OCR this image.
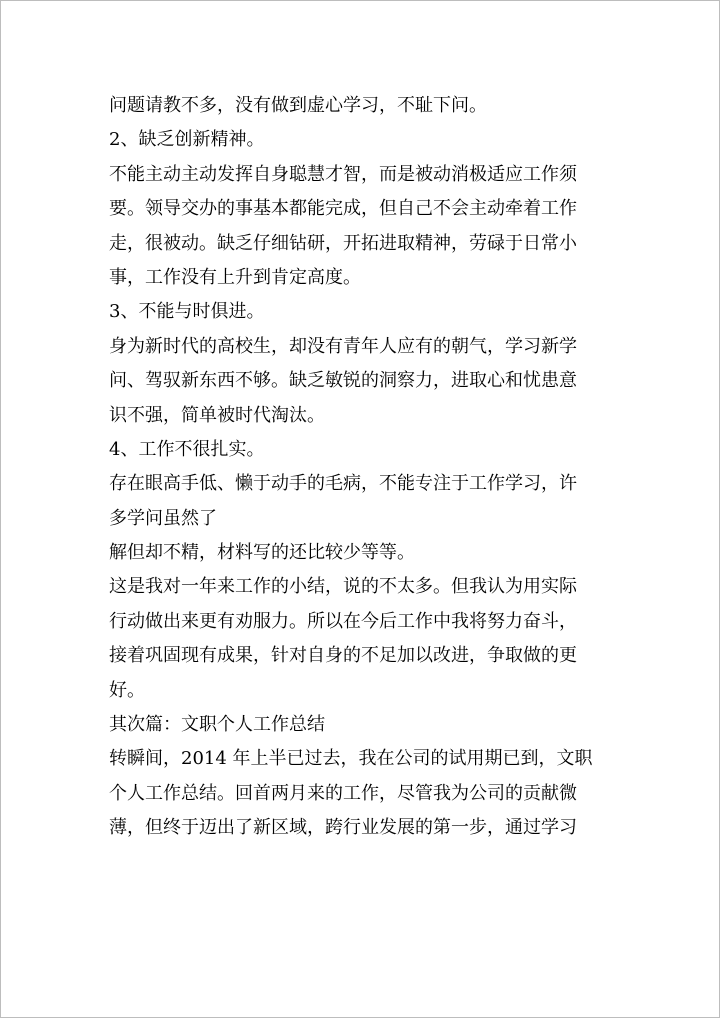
问题请教不多，没有做到虚心学习，不耻下问。
2、缺乏创新精神。
不能主动主动发挥自身聪慧才智，而是被动消极适应工作须
要。领导交办的事基本都能完成，但自己不会主动牵着工作
走，很被动。缺乏仔细钻研，开拓进取精神，劳碌于日常小
事，工作没有上升到肯定高度。
3、不能与时俱进。
身为新时代的高校生，却没有青年人应有的朝气，学习新学
问、驾驭新东西不够。缺乏敏锐的洞察力，进取心和忧患意
识不强，简单被时代淘汰。
4、工作不很扎实。
存在眼高手低、懒于动手的毛病，不能专注于工作学习，许
多学问虽然了
解但却不精，材料写的还比较少等等。
这是我对一年来工作的小结，说的不太多。但我认为用实际
行动做出来更有劝服力。所以在今后工作中我将努力奋斗，
接着巩固现有成果，针对自身的不足加以改进，争取做的更
好。
其次篇：文职个人工作总结
转瞬间，2014 年上半已过去，我在公司的试用期已到，文职
个人工作总结。回首两月来的工作，尽管我为公司的贡献微
薄，但终于迈出了新区域，跨行业发展的第一步，通过学习
